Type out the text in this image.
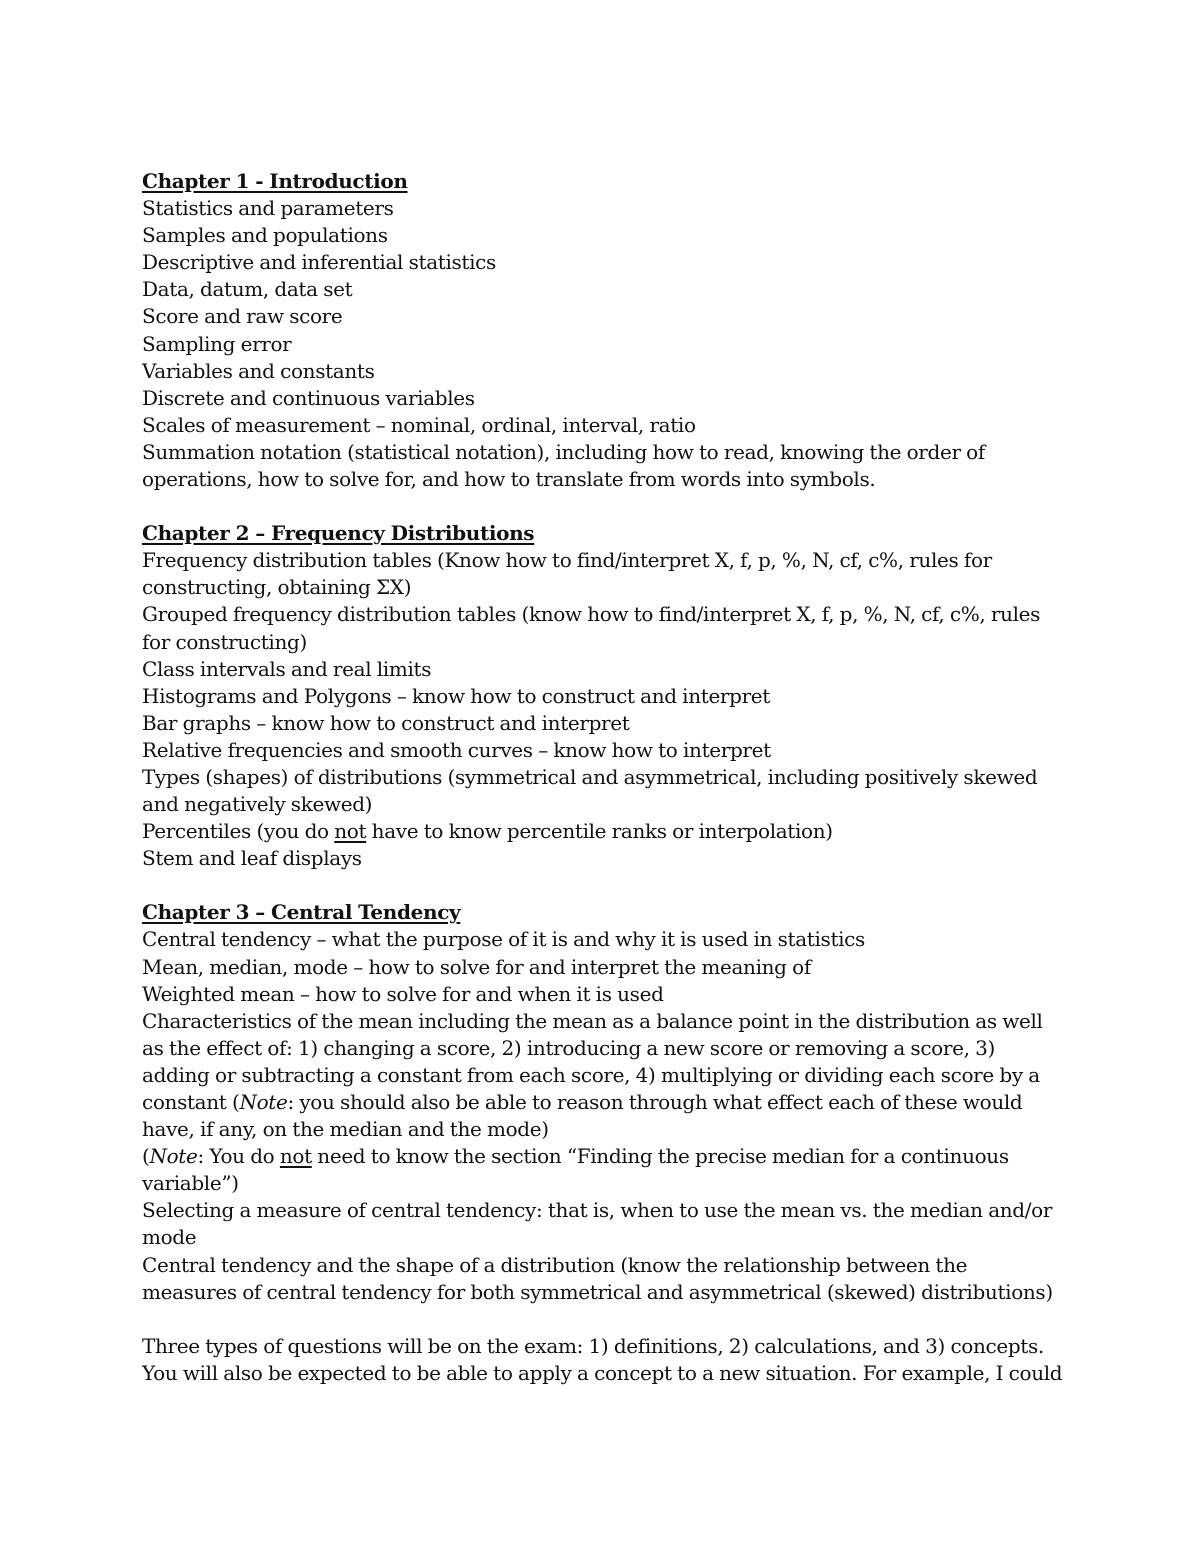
Chapter 1 - Introduction
Statistics and parameters
Samples and populations
Descriptive and inferential statistics
Data, datum, data set
Score and raw score
Sampling error
Variables and constants
Discrete and continuous variables
Scales of measurement – nominal, ordinal, interval, ratio
Summation notation (statistical notation), including how to read, knowing the order of operations, how to solve for, and how to translate from words into symbols.
Chapter 2 – Frequency Distributions
Frequency distribution tables (Know how to find/interpret X, f, p, %, N, cf, c%, rules for constructing, obtaining ΣX)
Grouped frequency distribution tables (know how to find/interpret X, f, p, %, N, cf, c%, rules for constructing)
Class intervals and real limits
Histograms and Polygons – know how to construct and interpret
Bar graphs – know how to construct and interpret
Relative frequencies and smooth curves – know how to interpret
Types (shapes) of distributions (symmetrical and asymmetrical, including positively skewed and negatively skewed)
Percentiles (you do not have to know percentile ranks or interpolation)
Stem and leaf displays
Chapter 3 – Central Tendency
Central tendency – what the purpose of it is and why it is used in statistics
Mean, median, mode – how to solve for and interpret the meaning of
Weighted mean – how to solve for and when it is used
Characteristics of the mean including the mean as a balance point in the distribution as well as the effect of: 1) changing a score, 2) introducing a new score or removing a score, 3) adding or subtracting a constant from each score, 4) multiplying or dividing each score by a constant (Note: you should also be able to reason through what effect each of these would have, if any, on the median and the mode)
(Note: You do not need to know the section “Finding the precise median for a continuous variable”)
Selecting a measure of central tendency: that is, when to use the mean vs. the median and/or mode
Central tendency and the shape of a distribution (know the relationship between the measures of central tendency for both symmetrical and asymmetrical (skewed) distributions)
Three types of questions will be on the exam: 1) definitions, 2) calculations, and 3) concepts. You will also be expected to be able to apply a concept to a new situation. For example, I could
